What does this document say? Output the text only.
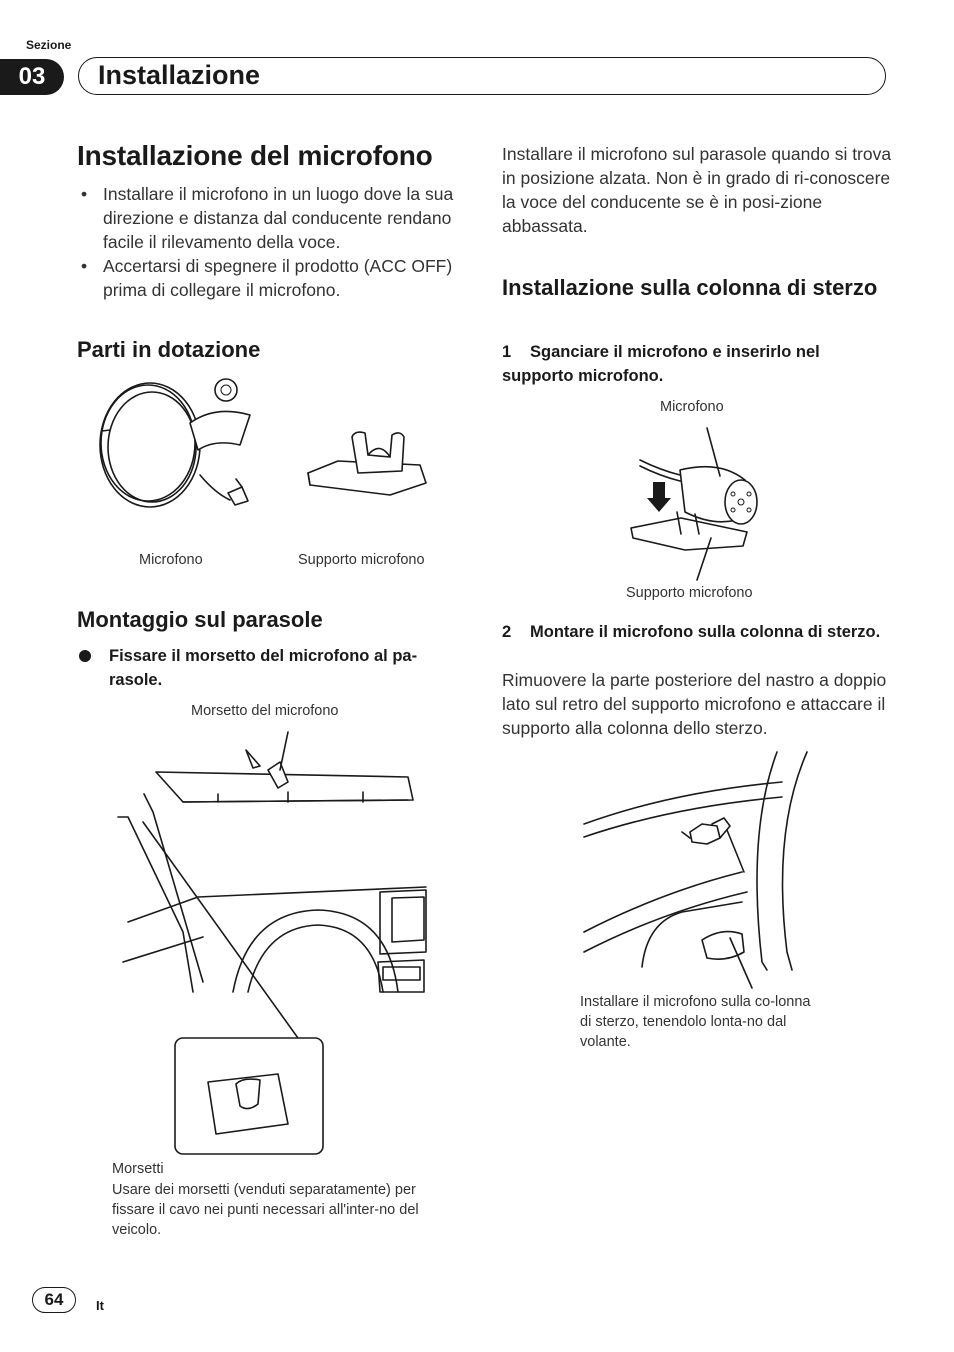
Sezione
03	Installazione
Installazione del microfono
• Installare il microfono in un luogo dove la sua direzione e distanza dal conducente rendano facile il rilevamento della voce.
• Accertarsi di spegnere il prodotto (ACC OFF) prima di collegare il microfono.
Parti in dotazione
Microfono	Supporto microfono
Montaggio sul parasole
Fissare il morsetto del microfono al pa-rasole.
Morsetto del microfono
Morsetti
Usare dei morsetti (venduti separatamente) per fissare il cavo nei punti necessari all'inter-no del veicolo.
Installare il microfono sul parasole quando si trova in posizione alzata. Non è in grado di ri-conoscere la voce del conducente se è in posi-zione abbassata.
Installazione sulla colonna di sterzo
1 Sganciare il microfono e inserirlo nel supporto microfono.
Microfono
Supporto microfono
2 Montare il microfono sulla colonna di sterzo.
Rimuovere la parte posteriore del nastro a doppio lato sul retro del supporto microfono e attaccare il supporto alla colonna dello sterzo.
Installare il microfono sulla co-lonna di sterzo, tenendolo lonta-no dal volante.
64	It
